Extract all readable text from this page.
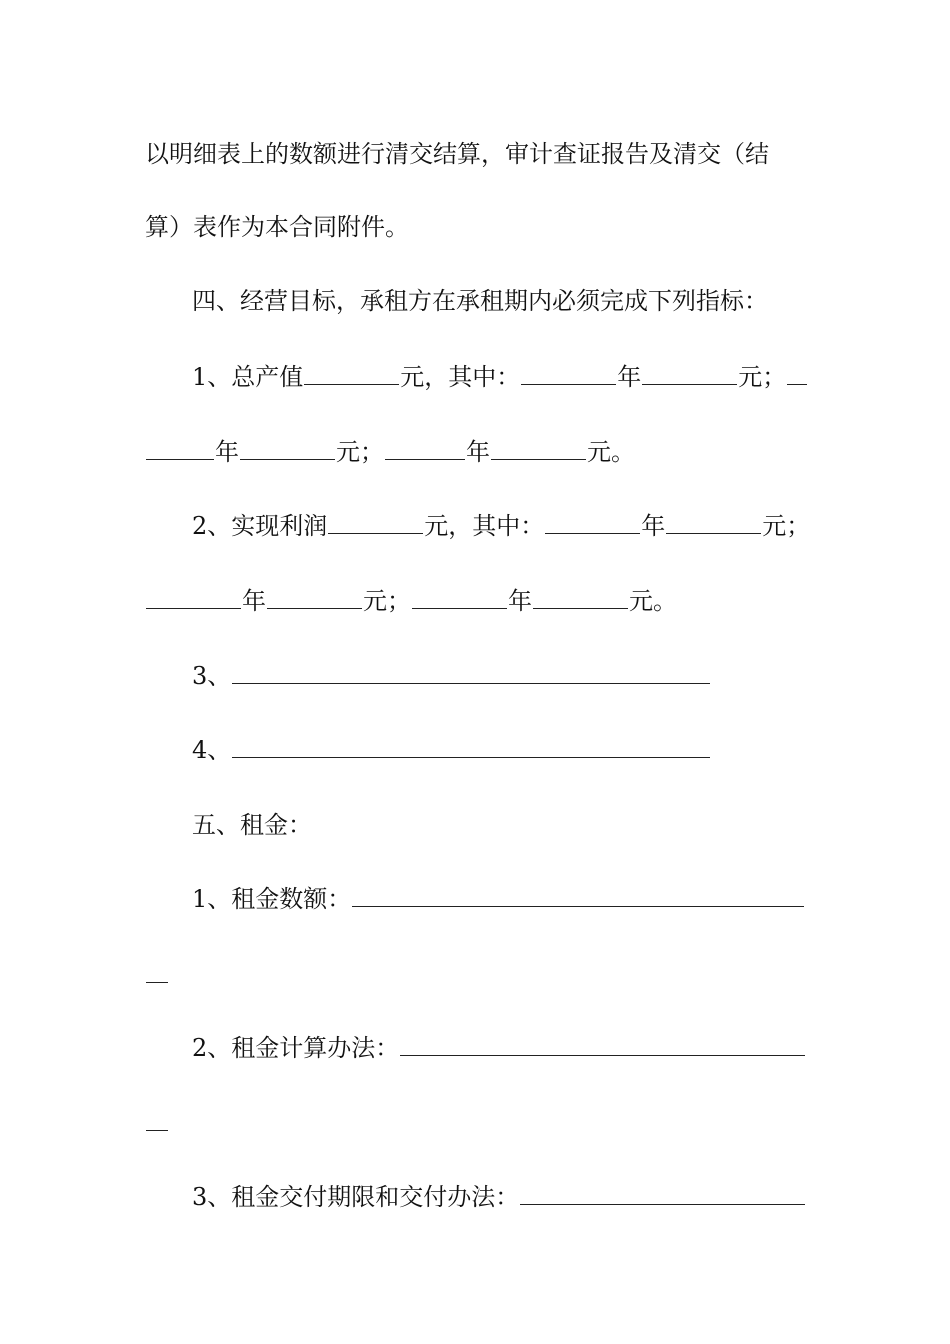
以明细表上的数额进行清交结算，审计查证报告及清交（结
算）表作为本合同附件。
四、经营目标，承租方在承租期内必须完成下列指标：
1、总产值	元，其中：	年	元；
年	元；	年	元。
2、实现利润	元，其中：	年	元；
年	元；	年	元。
3、
4、
五、租金：
1、租金数额：
2、租金计算办法：
3、租金交付期限和交付办法：
